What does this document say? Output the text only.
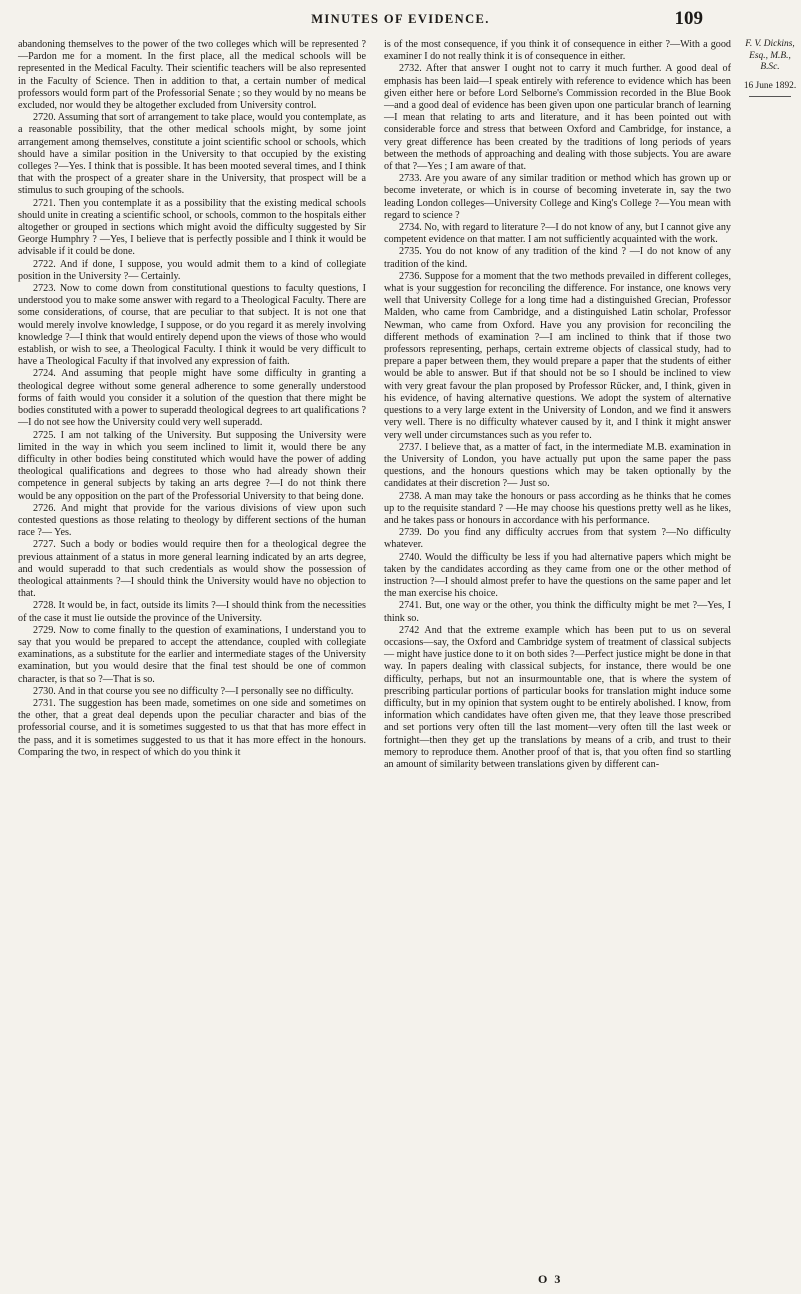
MINUTES OF EVIDENCE.	109

abandoning themselves to the power of the two colleges which will be represented ?—Pardon me for a moment. In the first place, all the medical schools will be represented in the Medical Faculty. Their scientific teachers will be also represented in the Faculty of Science. Then in addition to that, a certain number of medical professors would form part of the Professorial Senate ; so they would by no means be excluded, nor would they be altogether excluded from University control.

2720. Assuming that sort of arrangement to take place, would you contemplate, as a reasonable possibility, that the other medical schools might, by some joint arrangement among themselves, constitute a joint scientific school or schools, which should have a similar position in the University to that occupied by the existing colleges ?—Yes. I think that is possible. It has been mooted several times, and I think that with the prospect of a greater share in the University, that prospect will be a stimulus to such grouping of the schools.

2721. Then you contemplate it as a possibility that the existing medical schools should unite in creating a scientific school, or schools, common to the hospitals either altogether or grouped in sections which might avoid the difficulty suggested by Sir George Humphry ? —Yes, I believe that is perfectly possible and I think it would be advisable if it could be done.

2722. And if done, I suppose, you would admit them to a kind of collegiate position in the University ?— Certainly.

2723. Now to come down from constitutional questions to faculty questions, I understood you to make some answer with regard to a Theological Faculty. There are some considerations, of course, that are peculiar to that subject. It is not one that would merely involve knowledge, I suppose, or do you regard it as merely involving knowledge ?—I think that would entirely depend upon the views of those who would establish, or wish to see, a Theological Faculty. I think it would be very difficult to have a Theological Faculty if that involved any expression of faith.

2724. And assuming that people might have some difficulty in granting a theological degree without some general adherence to some generally understood forms of faith would you consider it a solution of the question that there might be bodies constituted with a power to superadd theological degrees to art qualifications ?—I do not see how the University could very well superadd.

2725. I am not talking of the University. But supposing the University were limited in the way in which you seem inclined to limit it, would there be any difficulty in other bodies being constituted which would have the power of adding theological qualifications and degrees to those who had already shown their competence in general subjects by taking an arts degree ?—I do not think there would be any opposition on the part of the Professorial University to that being done.

2726. And might that provide for the various divisions of view upon such contested questions as those relating to theology by different sections of the human race ?— Yes.

2727. Such a body or bodies would require then for a theological degree the previous attainment of a status in more general learning indicated by an arts degree, and would superadd to that such credentials as would show the possession of theological attainments ?—I should think the University would have no objection to that.

2728. It would be, in fact, outside its limits ?—I should think from the necessities of the case it must lie outside the province of the University.

2729. Now to come finally to the question of examinations, I understand you to say that you would be prepared to accept the attendance, coupled with collegiate examinations, as a substitute for the earlier and intermediate stages of the University examination, but you would desire that the final test should be one of common character, is that so ?—That is so.

2730. And in that course you see no difficulty ?—I personally see no difficulty.

2731. The suggestion has been made, sometimes on one side and sometimes on the other, that a great deal depends upon the peculiar character and bias of the professorial course, and it is sometimes suggested to us that that has more effect in the pass, and it is sometimes suggested to us that it has more effect in the honours. Comparing the two, in respect of which do you think it

is of the most consequence, if you think it of consequence in either ?—With a good examiner I do not really think it is of consequence in either.

2732. After that answer I ought not to carry it much further. A good deal of emphasis has been laid—I speak entirely with reference to evidence which has been given either here or before Lord Selborne's Commission recorded in the Blue Book—and a good deal of evidence has been given upon one particular branch of learning—I mean that relating to arts and literature, and it has been pointed out with considerable force and stress that between Oxford and Cambridge, for instance, a very great difference has been created by the traditions of long periods of years between the methods of approaching and dealing with those subjects. You are aware of that ?—Yes ; I am aware of that.

2733. Are you aware of any similar tradition or method which has grown up or become inveterate, or which is in course of becoming inveterate in, say the two leading London colleges—University College and King's College ?—You mean with regard to science ?

2734. No, with regard to literature ?—I do not know of any, but I cannot give any competent evidence on that matter. I am not sufficiently acquainted with the work.

2735. You do not know of any tradition of the kind ? —I do not know of any tradition of the kind.

2736. Suppose for a moment that the two methods prevailed in different colleges, what is your suggestion for reconciling the difference. For instance, one knows very well that University College for a long time had a distinguished Grecian, Professor Malden, who came from Cambridge, and a distinguished Latin scholar, Professor Newman, who came from Oxford. Have you any provision for reconciling the different methods of examination ?—I am inclined to think that if those two professors representing, perhaps, certain extreme objects of classical study, had to prepare a paper between them, they would prepare a paper that the students of either would be able to answer. But if that should not be so I should be inclined to view with very great favour the plan proposed by Professor Rücker, and, I think, given in his evidence, of having alternative questions. We adopt the system of alternative questions to a very large extent in the University of London, and we find it answers very well. There is no difficulty whatever caused by it, and I think it might answer very well under circumstances such as you refer to.

2737. I believe that, as a matter of fact, in the intermediate M.B. examination in the University of London, you have actually put upon the same paper the pass questions, and the honours questions which may be taken optionally by the candidates at their discretion ?— Just so.

2738. A man may take the honours or pass according as he thinks that he comes up to the requisite standard ? —He may choose his questions pretty well as he likes, and he takes pass or honours in accordance with his performance.

2739. Do you find any difficulty accrues from that system ?—No difficulty whatever.

2740. Would the difficulty be less if you had alternative papers which might be taken by the candidates according as they came from one or the other method of instruction ?—I should almost prefer to have the questions on the same paper and let the man exercise his choice.

2741. But, one way or the other, you think the difficulty might be met ?—Yes, I think so.

2742 And that the extreme example which has been put to us on several occasions—say, the Oxford and Cambridge system of treatment of classical subjects— might have justice done to it on both sides ?—Perfect justice might be done in that way. In papers dealing with classical subjects, for instance, there would be one difficulty, perhaps, but not an insurmountable one, that is where the system of prescribing particular portions of particular books for translation might induce some difficulty, but in my opinion that system ought to be entirely abolished. I know, from information which candidates have often given me, that they leave those prescribed and set portions very often till the last moment—very often till the last week or fortnight—then they get up the translations by means of a crib, and trust to their memory to reproduce them. Another proof of that is, that you often find so startling an amount of similarity between translations given by different can-

F. V. Dickins, Esq., M.B., B.Sc.
16 June 1892.
O 3
